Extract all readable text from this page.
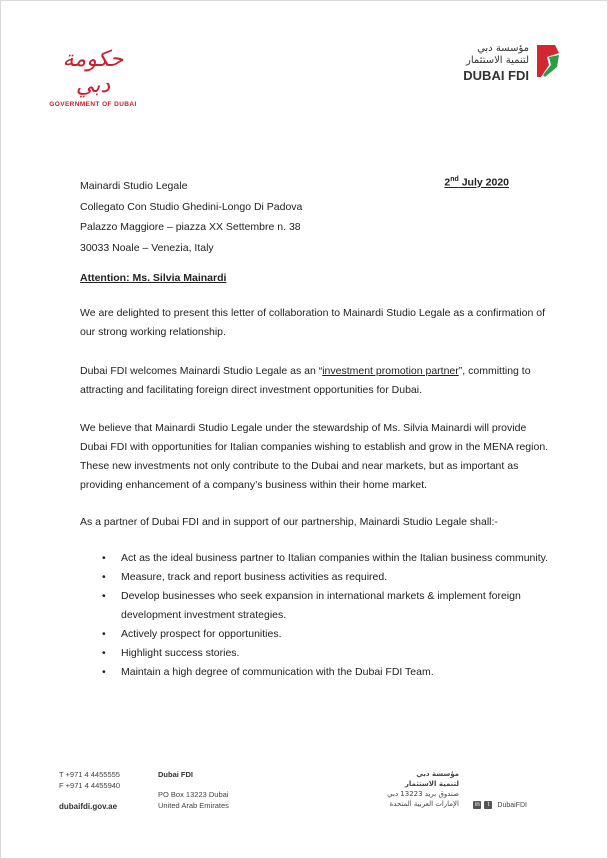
حكومة دبي
GOVERNMENT OF DUBAI
مؤسسة دبي
لتنمية الاستثمار
DUBAI FDI
2nd July 2020
Mainardi Studio Legale
Collegato Con Studio Ghedini-Longo Di Padova
Palazzo Maggiore – piazza XX Settembre n. 38
30033 Noale – Venezia, Italy
Attention: Ms. Silvia Mainardi
We are delighted to present this letter of collaboration to Mainardi Studio Legale as a confirmation of our strong working relationship.
Dubai FDI welcomes Mainardi Studio Legale as an “investment promotion partner”, committing to attracting and facilitating foreign direct investment opportunities for Dubai.
We believe that Mainardi Studio Legale under the stewardship of Ms. Silvia Mainardi will provide Dubai FDI with opportunities for Italian companies wishing to establish and grow in the MENA region. These new investments not only contribute to the Dubai and near markets, but as important as providing enhancement of a company’s business within their home market.
As a partner of Dubai FDI and in support of our partnership, Mainardi Studio Legale shall:-
• Act as the ideal business partner to Italian companies within the Italian business community.
• Measure, track and report business activities as required.
• Develop businesses who seek expansion in international markets & implement foreign development investment strategies.
• Actively prospect for opportunities.
• Highlight success stories.
• Maintain a high degree of communication with the Dubai FDI Team.
T +971 4 4455555
F +971 4 4455940
dubaifdi.gov.ae
Dubai FDI
PO Box 13223 Dubai
United Arab Emirates
مؤسسة دبي
لتنمية الاستثمار
صندوق بريد 13223 دبي
الإمارات العربية المتحدة	in	t	DubaiFDI
